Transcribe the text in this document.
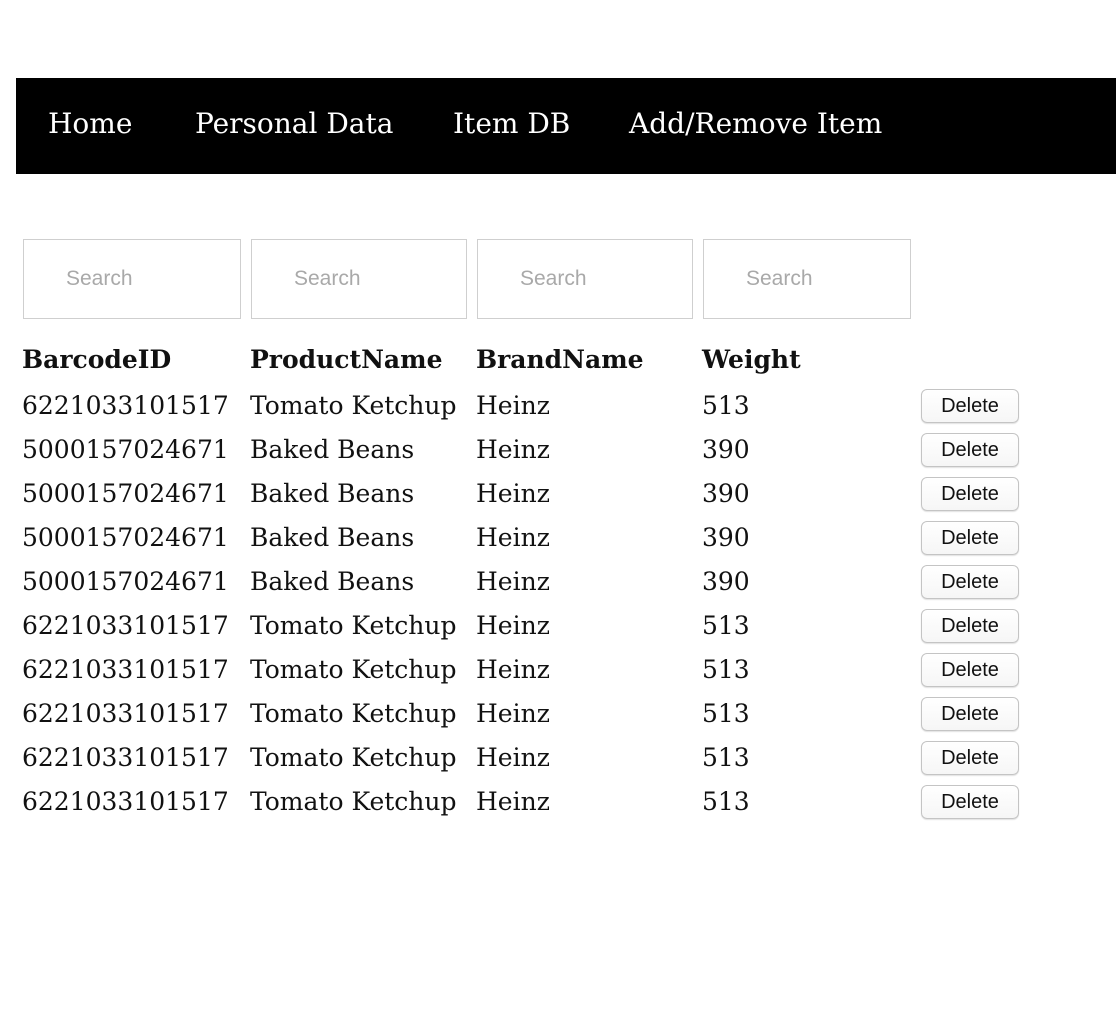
Home Personal Data Item DB Add/Remove Item
Search
Search
Search
Search
BarcodeID	ProductName BrandName Weight
6221033101517 Tomato Ketchup Heinz	513	Delete
5000157024671 Baked Beans Heinz	390	Delete
5000157024671 Baked Beans Heinz	390	Delete
5000157024671 Baked Beans Heinz	390	Delete
5000157024671 Baked Beans Heinz	390	Delete
6221033101517 Tomato Ketchup Heinz	513	Delete
6221033101517 Tomato Ketchup Heinz	513	Delete
6221033101517 Tomato Ketchup Heinz	513	Delete
6221033101517 Tomato Ketchup Heinz	513	Delete
6221033101517 Tomato Ketchup Heinz	513	Delete
